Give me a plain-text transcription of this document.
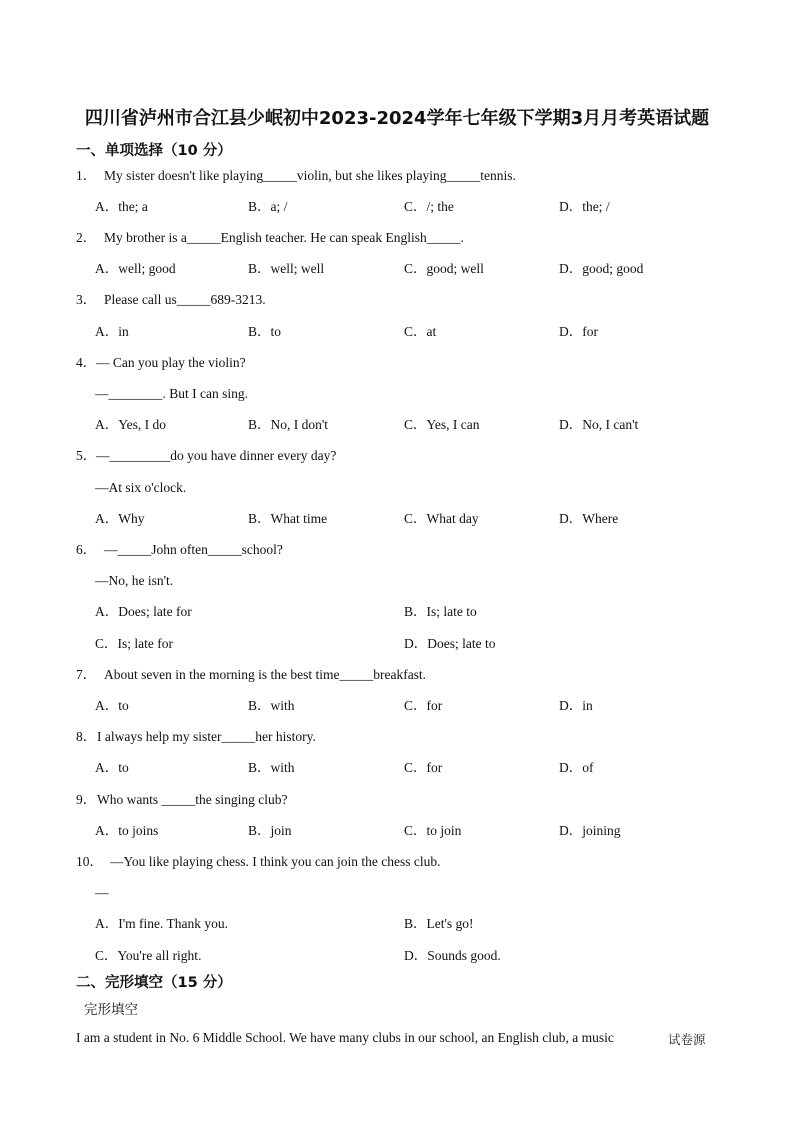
四川省泸州市合江县少岷初中2023-2024学年七年级下学期3月月考英语试题
一、单项选择（10 分）
1． My sister doesn't like playing_____violin, but she likes playing_____tennis.
A．the; a	B．a; /	C．/; the	D．the; /
2． My brother is a_____English teacher. He can speak English_____.
A．well; good	B．well; well	C．good; well	D．good; good
3． Please call us_____689-3213.
A．in	B．to	C．at	D．for
4． — Can you play the violin?
—________. But I can sing.
A．Yes, I do	B．No, I don't	C．Yes, I can	D．No, I can't
5． —_________do you have dinner every day?
—At six o'clock.
A．Why	B．What time	C．What day	D．Where
6． —_____John often_____school?
—No, he isn't.
A．Does; late for	B．Is; late to
C．Is; late for	D．Does; late to
7． About seven in the morning is the best time_____breakfast.
A．to	B．with	C．for	D．in
8． I always help my sister_____her history.
A．to	B．with	C．for	D．of
9． Who wants _____the singing club?
A．to joins	B．join	C．to join	D．joining
10． —You like playing chess. I think you can join the chess club.
—
A．I'm fine. Thank you.	B．Let's go!
C．You're all right.	D．Sounds good.
二、完形填空（15 分）
完形填空
I am a student in No. 6 Middle School. We have many clubs in our school, an English club, a music	试卷源
